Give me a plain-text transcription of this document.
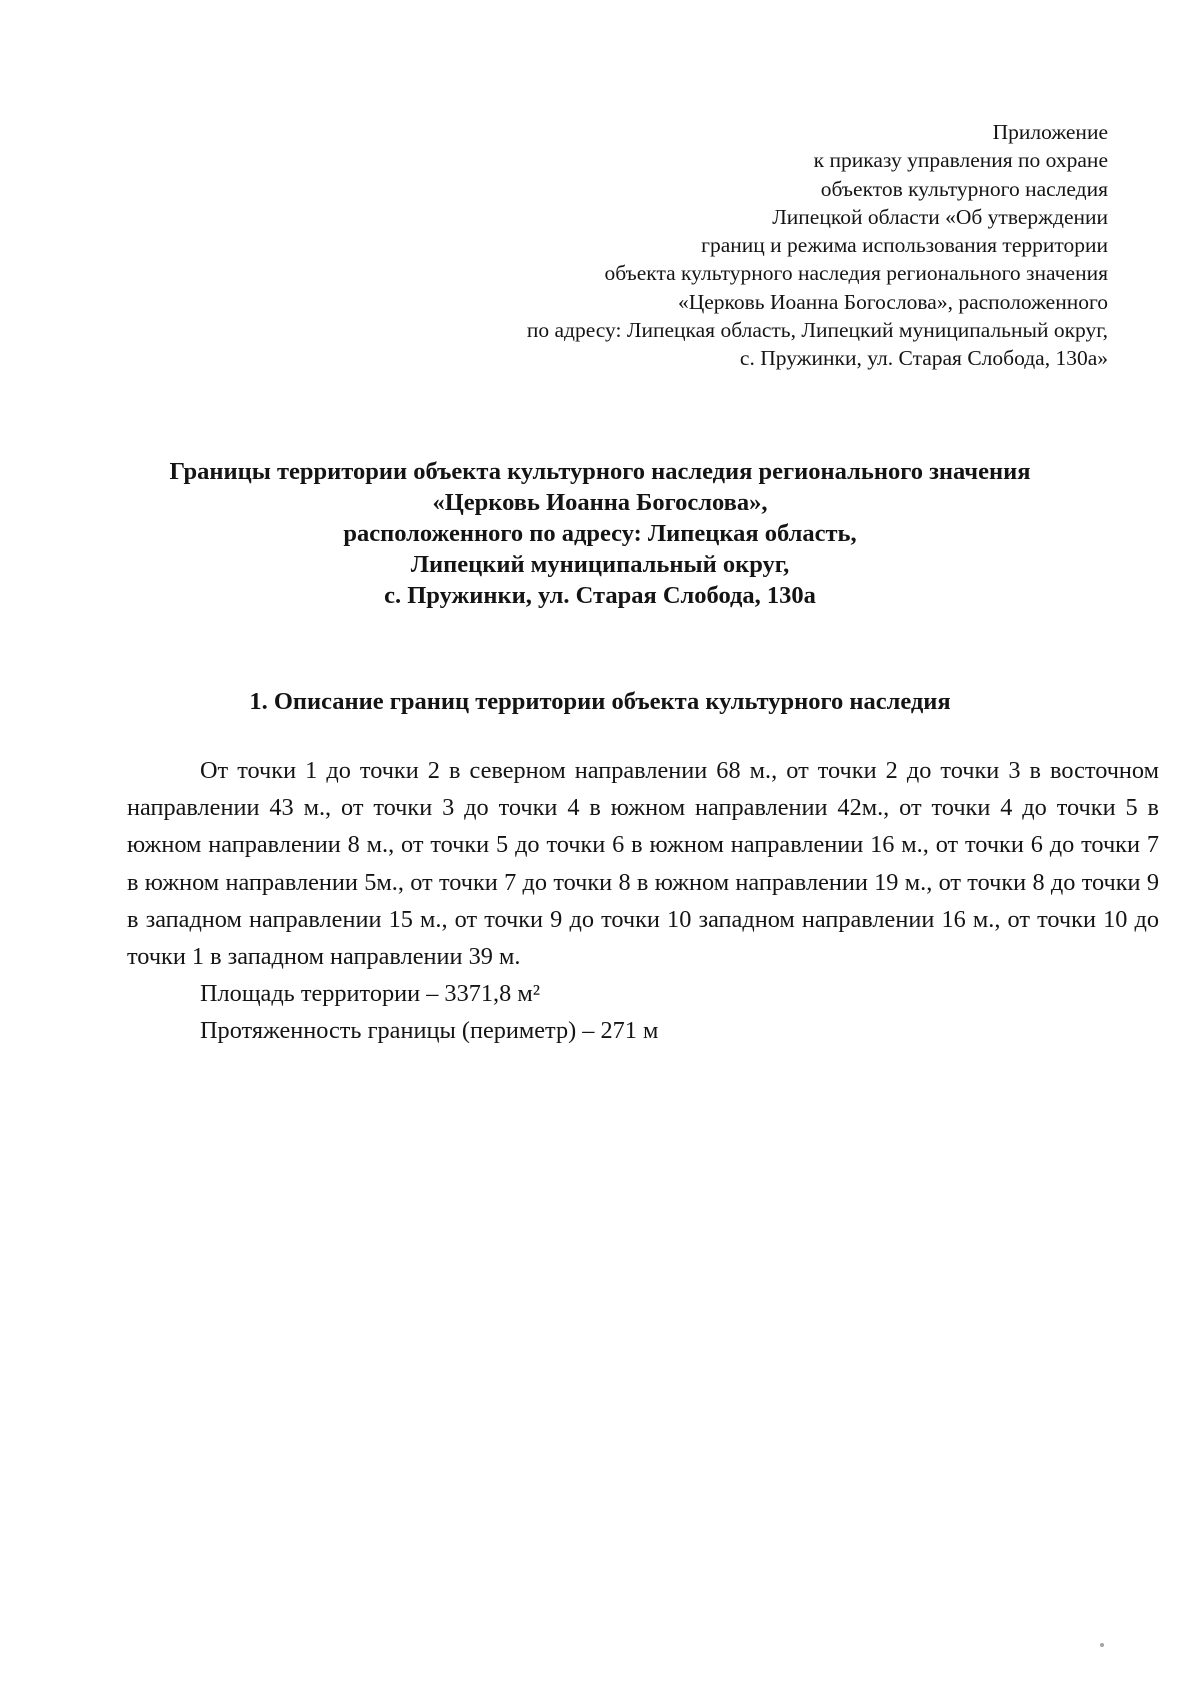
Приложение
к приказу управления по охране
объектов культурного наследия
Липецкой области «Об утверждении
границ и режима использования территории
объекта культурного наследия регионального значения
«Церковь Иоанна Богослова», расположенного
по адресу: Липецкая область, Липецкий муниципальный округ,
с. Пружинки, ул. Старая Слобода, 130а»
Границы территории объекта культурного наследия регионального значения
«Церковь Иоанна Богослова»,
расположенного по адресу: Липецкая область,
Липецкий муниципальный округ,
с. Пружинки, ул. Старая Слобода, 130а
1. Описание границ территории объекта культурного наследия

От точки 1 до точки 2 в северном направлении 68 м., от точки 2 до точки 3 в восточном направлении 43 м., от точки 3 до точки 4 в южном направлении 42м., от точки 4 до точки 5 в южном направлении 8 м., от точки 5 до точки 6 в южном направлении 16 м., от точки 6 до точки 7 в южном направлении 5м., от точки 7 до точки 8 в южном направлении 19 м., от точки 8 до точки 9 в западном направлении 15 м., от точки 9 до точки 10 западном направлении 16 м., от точки 10 до точки 1 в западном направлении 39 м.

Площадь территории – 3371,8 м²

Протяженность границы (периметр) – 271 м
